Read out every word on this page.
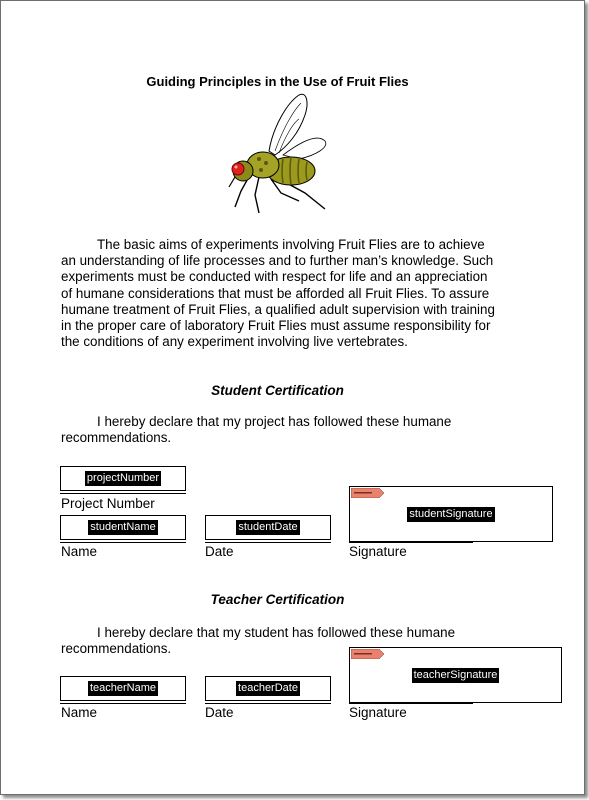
Guiding Principles in the Use of Fruit Flies
The basic aims of experiments involving Fruit Flies are to achieve an understanding of life processes and to further man’s knowledge. Such experiments must be conducted with respect for life and an appreciation of humane considerations that must be afforded all Fruit Flies. To assure humane treatment of Fruit Flies, a qualified adult supervision with training in the proper care of laboratory Fruit Flies must assume responsibility for the conditions of any experiment involving live vertebrates.
Student Certification
I hereby declare that my project has followed these humane recommendations.
projectNumber
Project Number
studentName
Name
studentDate
Date
studentSignature
Signature
Teacher Certification
I hereby declare that my student has followed these humane recommendations.
teacherName
Name
teacherDate
Date
teacherSignature
Signature
